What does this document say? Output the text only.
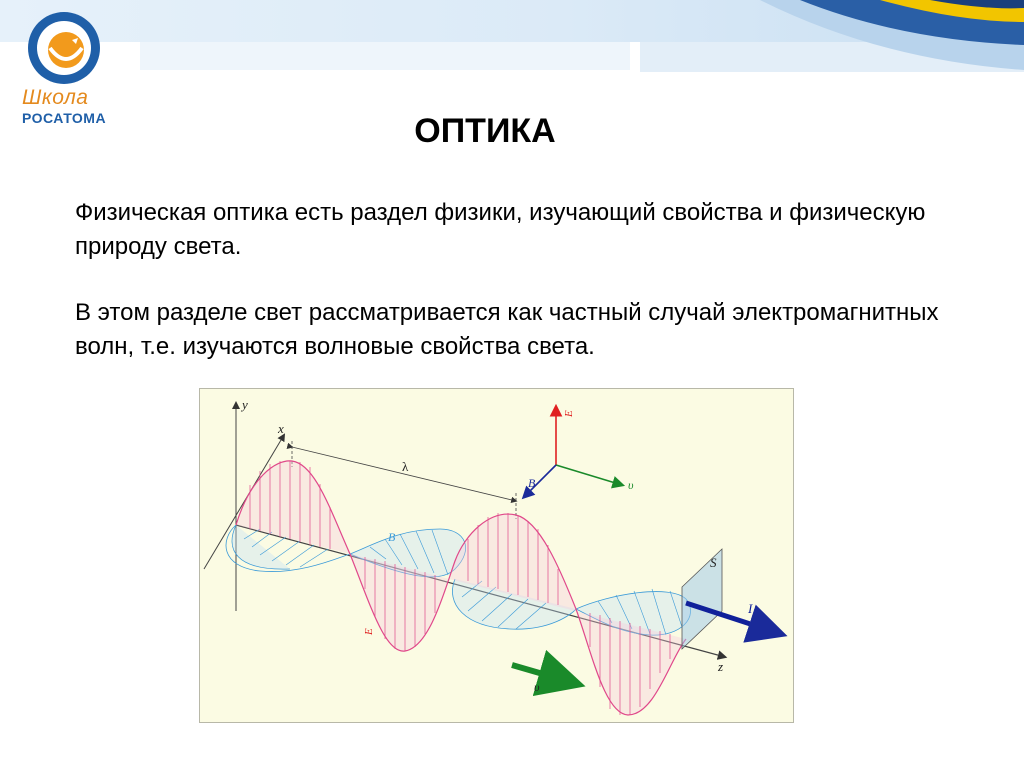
Школа
РОСАТОМА	ОПТИКА
Физическая оптика есть раздел физики, изучающий свойства и физическую природу света.
В этом разделе свет рассматривается как частный случай электромагнитных волн, т.е. изучаются волновые свойства света.
y
x
z
λ
S
I
υ
B
E
E
υ
B
